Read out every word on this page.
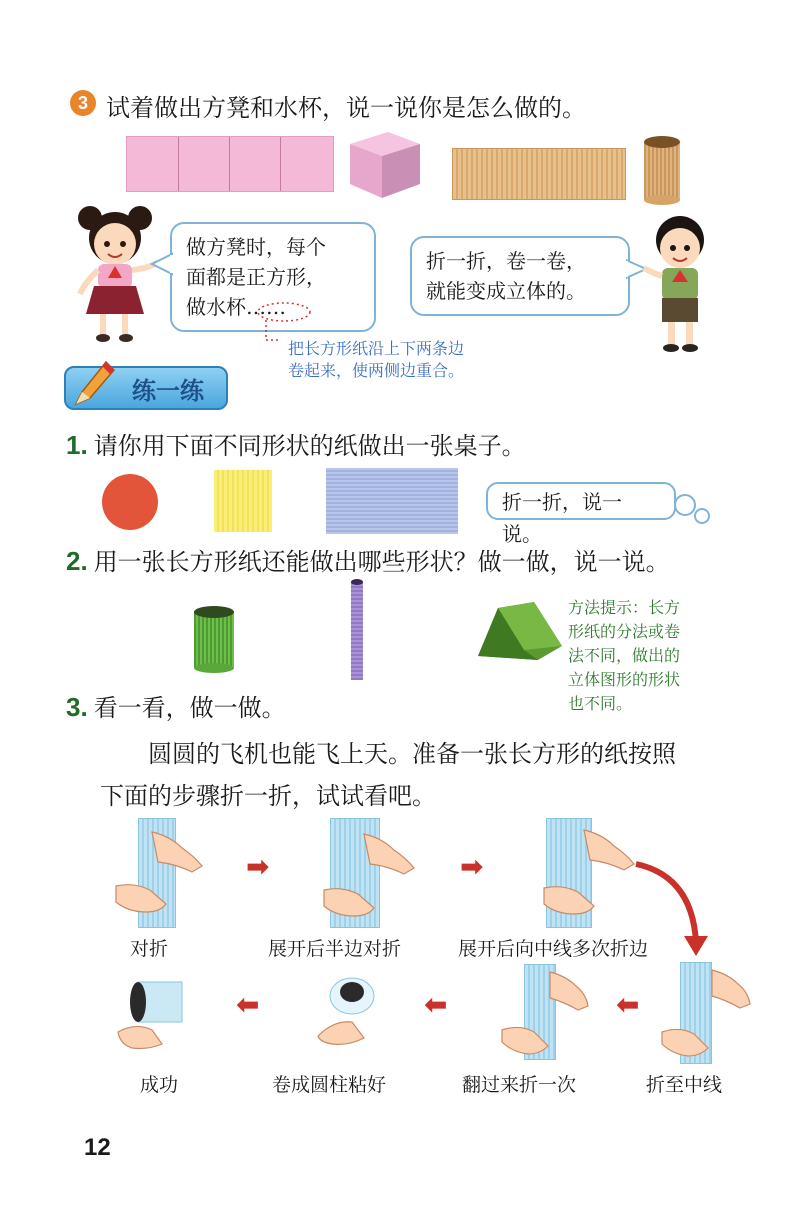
3 试着做出方凳和水杯，说一说你是怎么做的。
做方凳时，每个
面都是正方形，
做水杯……
把长方形纸沿上下两条边
卷起来，使两侧边重合。
折一折，卷一卷，
就能变成立体的。
练一练
1. 请你用下面不同形状的纸做出一张桌子。
折一折，说一说。
2. 用一张长方形纸还能做出哪些形状？做一做，说一说。
方法提示：长方
形纸的分法或卷
法不同，做出的
立体图形的形状
也不同。
3. 看一看，做一做。
圆圆的飞机也能飞上天。准备一张长方形的纸按照
下面的步骤折一折，试试看吧。
➡	➡
对折	展开后半边对折	展开后向中线多次折边
⬅	⬅	⬅
成功	卷成圆柱粘好	翻过来折一次	折至中线
12
